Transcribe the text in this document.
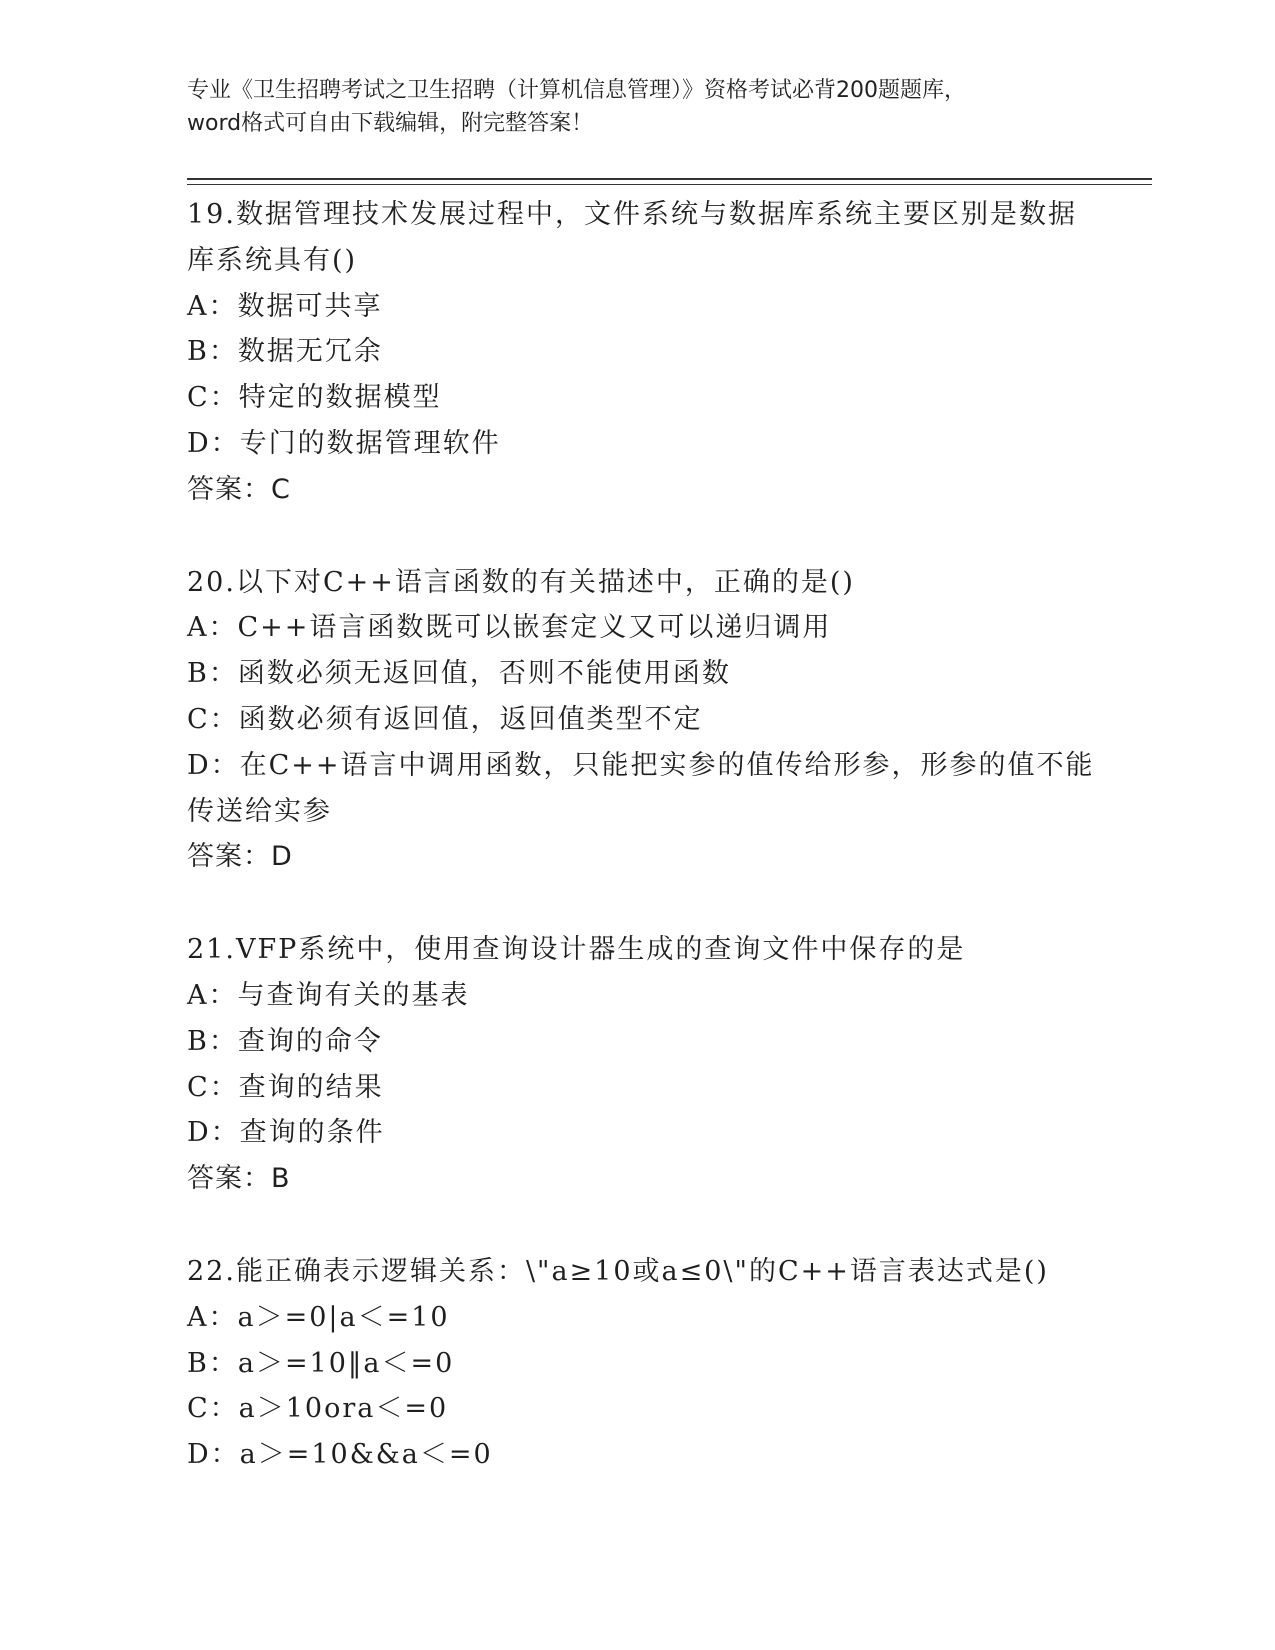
专业《卫生招聘考试之卫生招聘（计算机信息管理）》资格考试必背200题题库，

word格式可自由下载编辑，附完整答案！

19.数据管理技术发展过程中，文件系统与数据库系统主要区别是数据
库系统具有()
A：数据可共享
B：数据无冗余
C：特定的数据模型
D：专门的数据管理软件
答案：C
20.以下对C++语言函数的有关描述中，正确的是()
A：C++语言函数既可以嵌套定义又可以递归调用
B：函数必须无返回值，否则不能使用函数
C：函数必须有返回值，返回值类型不定
D：在C++语言中调用函数，只能把实参的值传给形参，形参的值不能
传送给实参
答案：D
21.VFP系统中，使用查询设计器生成的查询文件中保存的是
A：与查询有关的基表
B：查询的命令
C：查询的结果
D：查询的条件
答案：B
22.能正确表示逻辑关系：\"a≥10或a≤0\"的C++语言表达式是()
A：a＞=0|a＜=10
B：a＞=10‖a＜=0
C：a＞10ora＜=0
D：a＞=10&&a＜=0
